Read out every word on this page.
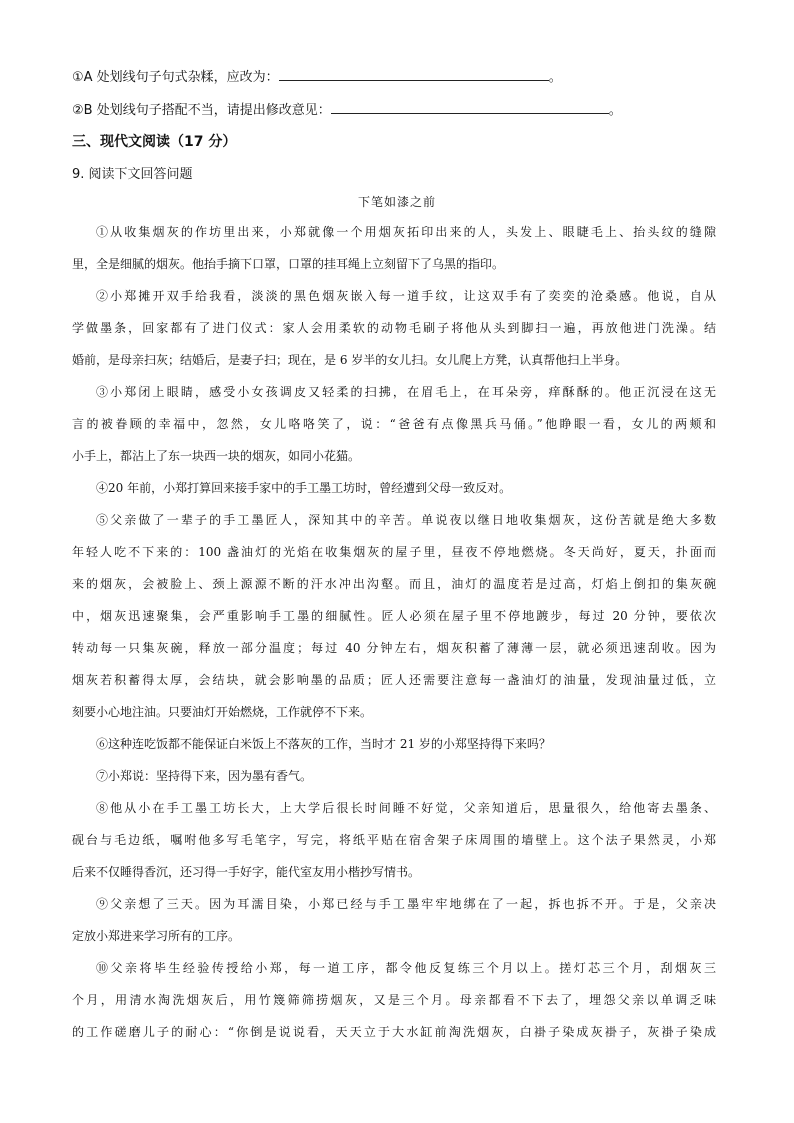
①A 处划线句子句式杂糅，应改为：	。
②B 处划线句子搭配不当，请提出修改意见：	。
三、现代文阅读（17 分）
9. 阅读下文回答问题
下笔如漆之前
①从收集烟灰的作坊里出来，小郑就像一个用烟灰拓印出来的人，头发上、眼睫毛上、抬头纹的缝隙
里，全是细腻的烟灰。他抬手摘下口罩，口罩的挂耳绳上立刻留下了乌黑的指印。
②小郑摊开双手给我看，淡淡的黑色烟灰嵌入每一道手纹，让这双手有了奕奕的沧桑感。他说，自从
学做墨条，回家都有了进门仪式：家人会用柔软的动物毛刷子将他从头到脚扫一遍，再放他进门洗澡。结
婚前，是母亲扫灰；结婚后，是妻子扫；现在，是 6 岁半的女儿扫。女儿爬上方凳，认真帮他扫上半身。
③小郑闭上眼睛，感受小女孩调皮又轻柔的扫拂，在眉毛上，在耳朵旁，痒酥酥的。他正沉浸在这无
言的被眷顾的幸福中，忽然，女儿咯咯笑了，说：“爸爸有点像黑兵马俑。”他睁眼一看，女儿的两颊和
小手上，都沾上了东一块西一块的烟灰，如同小花猫。
④20 年前，小郑打算回来接手家中的手工墨工坊时，曾经遭到父母一致反对。
⑤父亲做了一辈子的手工墨匠人，深知其中的辛苦。单说夜以继日地收集烟灰，这份苦就是绝大多数
年轻人吃不下来的：100 盏油灯的光焰在收集烟灰的屋子里，昼夜不停地燃烧。冬天尚好，夏天，扑面而
来的烟灰，会被脸上、颈上源源不断的汗水冲出沟壑。而且，油灯的温度若是过高，灯焰上倒扣的集灰碗
中，烟灰迅速聚集，会严重影响手工墨的细腻性。匠人必须在屋子里不停地踱步，每过 20 分钟，要依次
转动每一只集灰碗，释放一部分温度；每过 40 分钟左右，烟灰积蓄了薄薄一层，就必须迅速刮收。因为
烟灰若积蓄得太厚，会结块，就会影响墨的品质；匠人还需要注意每一盏油灯的油量，发现油量过低，立
刻要小心地注油。只要油灯开始燃烧，工作就停不下来。
⑥这种连吃饭都不能保证白米饭上不落灰的工作，当时才 21 岁的小郑坚持得下来吗？
⑦小郑说：坚持得下来，因为墨有香气。
⑧他从小在手工墨工坊长大，上大学后很长时间睡不好觉，父亲知道后，思量很久，给他寄去墨条、
砚台与毛边纸，嘱咐他多写毛笔字，写完，将纸平贴在宿舍架子床周围的墙壁上。这个法子果然灵，小郑
后来不仅睡得香沉，还习得一手好字，能代室友用小楷抄写情书。
⑨父亲想了三天。因为耳濡目染，小郑已经与手工墨牢牢地绑在了一起，拆也拆不开。于是，父亲决
定放小郑进来学习所有的工序。
⑩父亲将毕生经验传授给小郑，每一道工序，都令他反复练三个月以上。搓灯芯三个月，刮烟灰三
个月，用清水淘洗烟灰后，用竹篾筛筛捞烟灰，又是三个月。母亲都看不下去了，埋怨父亲以单调乏味
的工作磋磨儿子的耐心：“你倒是说说看，天天立于大水缸前淘洗烟灰，白褂子染成灰褂子，灰褂子染成
